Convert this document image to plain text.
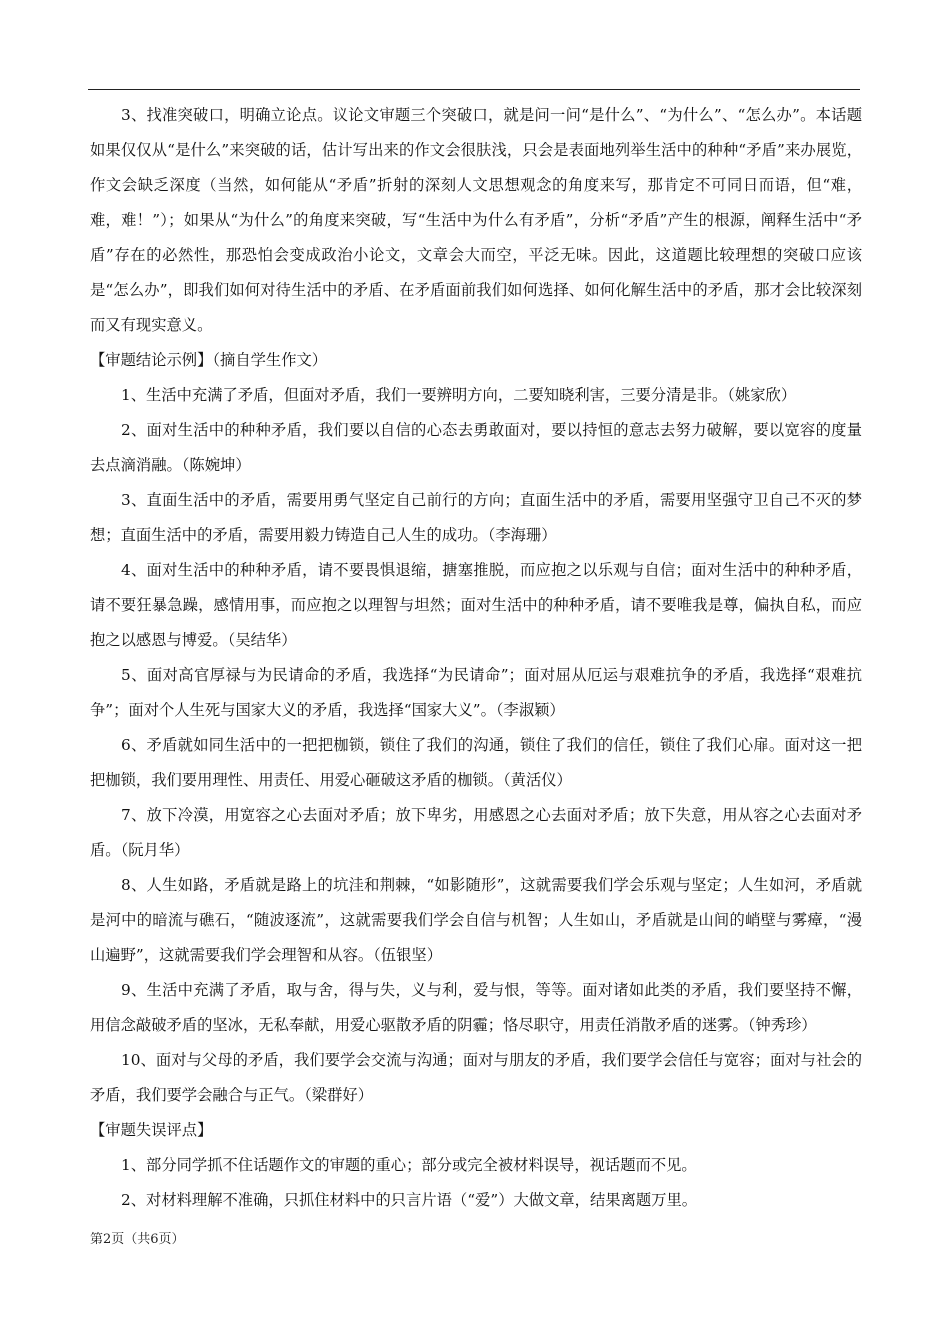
3、找准突破口，明确立论点。议论文审题三个突破口，就是问一问“是什么”、“为什么”、“怎么办”。本话题如果仅仅从“是什么”来突破的话，估计写出来的作文会很肤浅，只会是表面地列举生活中的种种“矛盾”来办展览，作文会缺乏深度（当然，如何能从“矛盾”折射的深刻人文思想观念的角度来写，那肯定不可同日而语，但“难，难，难！”）；如果从“为什么”的角度来突破，写“生活中为什么有矛盾”，分析“矛盾”产生的根源，阐释生活中“矛盾”存在的必然性，那恐怕会变成政治小论文，文章会大而空，平泛无味。因此，这道题比较理想的突破口应该是“怎么办”，即我们如何对待生活中的矛盾、在矛盾面前我们如何选择、如何化解生活中的矛盾，那才会比较深刻而又有现实意义。

【审题结论示例】（摘自学生作文）

1、生活中充满了矛盾，但面对矛盾，我们一要辨明方向，二要知晓利害，三要分清是非。（姚家欣）

2、面对生活中的种种矛盾，我们要以自信的心态去勇敢面对，要以持恒的意志去努力破解，要以宽容的度量去点滴消融。（陈婉坤）

3、直面生活中的矛盾，需要用勇气坚定自己前行的方向；直面生活中的矛盾，需要用坚强守卫自己不灭的梦想；直面生活中的矛盾，需要用毅力铸造自己人生的成功。（李海珊）

4、面对生活中的种种矛盾，请不要畏惧退缩，搪塞推脱，而应抱之以乐观与自信；面对生活中的种种矛盾，请不要狂暴急躁，感情用事，而应抱之以理智与坦然；面对生活中的种种矛盾，请不要唯我是尊，偏执自私，而应抱之以感恩与博爱。（吴结华）

5、面对高官厚禄与为民请命的矛盾，我选择“为民请命”；面对屈从厄运与艰难抗争的矛盾，我选择“艰难抗争”；面对个人生死与国家大义的矛盾，我选择“国家大义”。（李淑颖）

6、矛盾就如同生活中的一把把枷锁，锁住了我们的沟通，锁住了我们的信任，锁住了我们心扉。面对这一把把枷锁，我们要用理性、用责任、用爱心砸破这矛盾的枷锁。（黄活仪）

7、放下冷漠，用宽容之心去面对矛盾；放下卑劣，用感恩之心去面对矛盾；放下失意，用从容之心去面对矛盾。（阮月华）

8、人生如路，矛盾就是路上的坑洼和荆棘，“如影随形”，这就需要我们学会乐观与坚定；人生如河，矛盾就是河中的暗流与礁石，“随波逐流”，这就需要我们学会自信与机智；人生如山，矛盾就是山间的峭壁与雾瘴，“漫山遍野”，这就需要我们学会理智和从容。（伍银坚）

9、生活中充满了矛盾，取与舍，得与失，义与利，爱与恨，等等。面对诸如此类的矛盾，我们要坚持不懈，用信念敲破矛盾的坚冰，无私奉献，用爱心驱散矛盾的阴霾；恪尽职守，用责任消散矛盾的迷雾。（钟秀珍）

10、面对与父母的矛盾，我们要学会交流与沟通；面对与朋友的矛盾，我们要学会信任与宽容；面对与社会的矛盾，我们要学会融合与正气。（梁群好）

【审题失误评点】

1、部分同学抓不住话题作文的审题的重心；部分或完全被材料误导，视话题而不见。

2、对材料理解不准确，只抓住材料中的只言片语（“爱”）大做文章，结果离题万里。

第2页（共6页）
